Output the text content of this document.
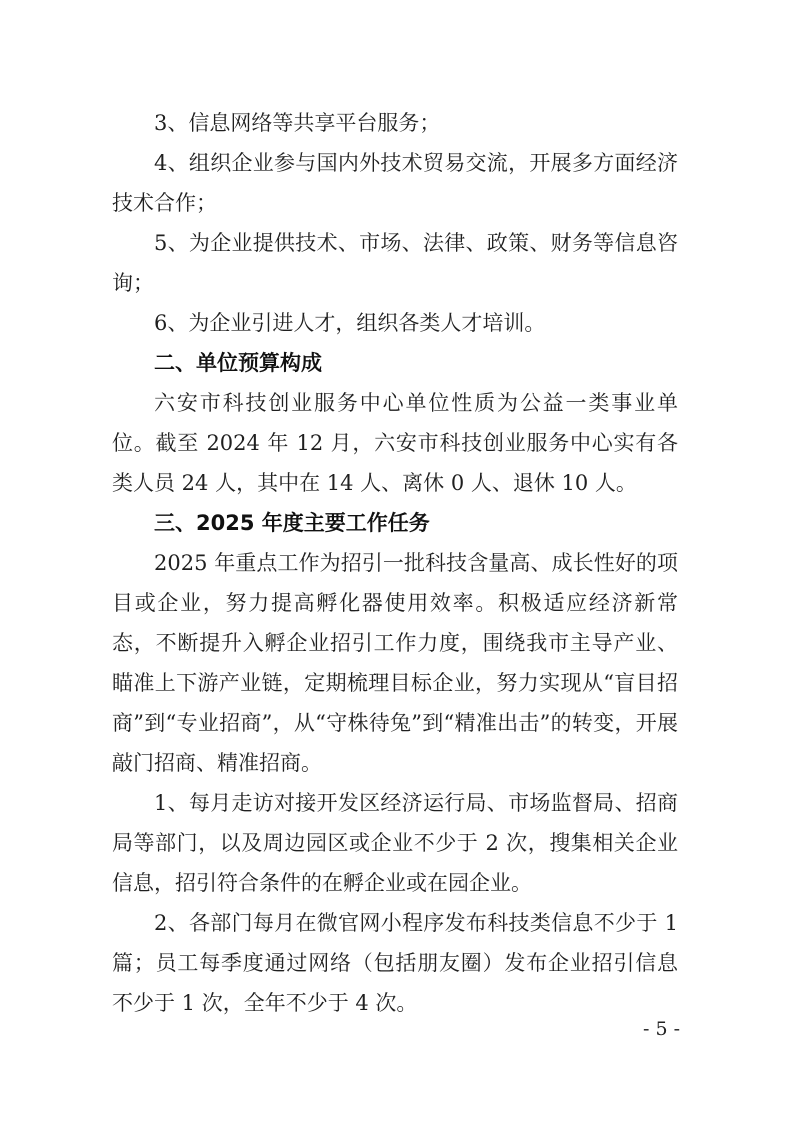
3、信息网络等共享平台服务；

4、组织企业参与国内外技术贸易交流，开展多方面经济技术合作；

5、为企业提供技术、市场、法律、政策、财务等信息咨询；

6、为企业引进人才，组织各类人才培训。

二、单位预算构成

六安市科技创业服务中心单位性质为公益一类事业单位。截至 2024 年 12 月，六安市科技创业服务中心实有各类人员 24 人，其中在 14 人、离休 0 人、退休 10 人。

三、2025 年度主要工作任务

2025 年重点工作为招引一批科技含量高、成长性好的项目或企业，努力提高孵化器使用效率。积极适应经济新常态，不断提升入孵企业招引工作力度，围绕我市主导产业、瞄准上下游产业链，定期梳理目标企业，努力实现从“盲目招商”到“专业招商”，从“守株待兔”到“精准出击”的转变，开展敲门招商、精准招商。

1、每月走访对接开发区经济运行局、市场监督局、招商局等部门，以及周边园区或企业不少于 2 次，搜集相关企业信息，招引符合条件的在孵企业或在园企业。

2、各部门每月在微官网小程序发布科技类信息不少于 1 篇；员工每季度通过网络（包括朋友圈）发布企业招引信息不少于 1 次，全年不少于 4 次。

- 5 -
